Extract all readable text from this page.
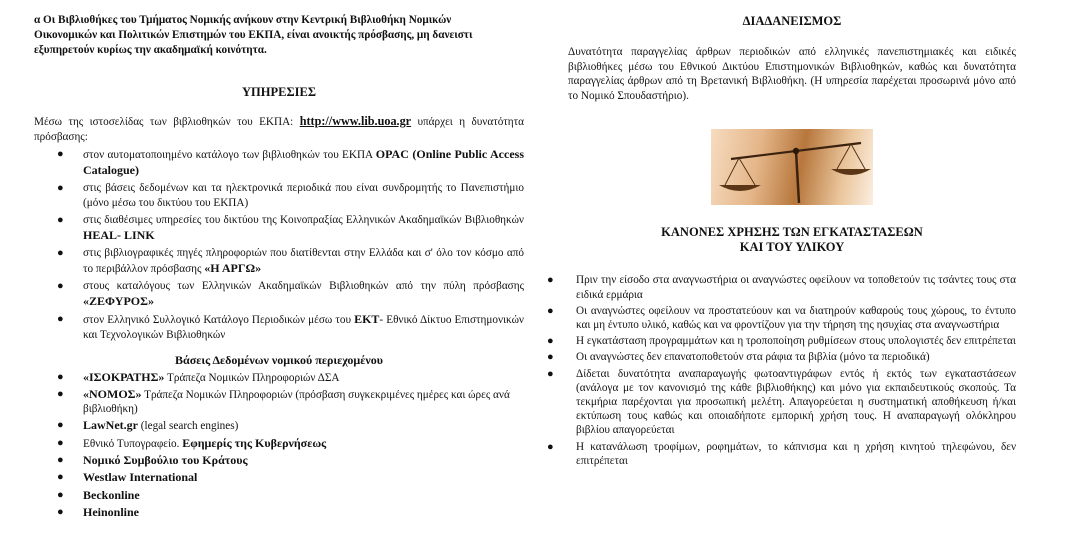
α Οι Βιβλιοθήκες του Τμήματος Νομικής ανήκουν στην Κεντρική Βιβλιοθήκη Νομικών
Οικονομικών και Πολιτικών Επιστημών του ΕΚΠΑ, είναι ανοικτής πρόσβασης, μη δανειστι
εξυπηρετούν κυρίως την ακαδημαϊκή κοινότητα.
ΥΠΗΡΕΣΙΕΣ

Μέσω της ιστοσελίδας των βιβλιοθηκών του ΕΚΠΑ: http://www.lib.uoa.gr υπάρχει η δυνατότητα πρόσβασης:

● στον αυτοματοποιημένο κατάλογο των βιβλιοθηκών του ΕΚΠΑ OPAC (Online Public Access Catalogue)
● στις βάσεις δεδομένων και τα ηλεκτρονικά περιοδικά που είναι συνδρομητής το Πανεπιστήμιο (μόνο μέσω του δικτύου του ΕΚΠΑ)
● στις διαθέσιμες υπηρεσίες του δικτύου της Κοινοπραξίας Ελληνικών Ακαδημαϊκών Βιβλιοθηκών HEAL- LINK
● στις βιβλιογραφικές πηγές πληροφοριών που διατίθενται στην Ελλάδα και σ' όλο τον κόσμο από το περιβάλλον πρόσβασης «Η ΑΡΓΩ»
● στους καταλόγους των Ελληνικών Ακαδημαϊκών Βιβλιοθηκών από την πύλη πρόσβασης «ΖΕΦΥΡΟΣ»
● στον Ελληνικό Συλλογικό Κατάλογο Περιοδικών μέσω του ΕΚΤ- Εθνικό Δίκτυο Επιστημονικών και Τεχνολογικών Βιβλιοθηκών
Βάσεις Δεδομένων νομικού περιεχομένου
● «ΙΣΟΚΡΑΤΗΣ» Τράπεζα Νομικών Πληροφοριών ΔΣΑ
● «ΝΟΜΟΣ» Τράπεζα Νομικών Πληροφοριών (πρόσβαση συγκεκριμένες ημέρες και ώρες ανά βιβλιοθήκη)
● LawNet.gr (legal search engines)
● Εθνικό Τυπογραφείο. Εφημερίς της Κυβερνήσεως
● Νομικό Συμβούλιο του Κράτους
● Westlaw International
● Beckonline
● Heinonline
ΔΙΑΔΑΝΕΙΣΜΟΣ

Δυνατότητα παραγγελίας άρθρων περιοδικών από ελληνικές πανεπιστημιακές και ειδικές βιβλιοθήκες μέσω του Εθνικού Δικτύου Επιστημονικών Βιβλιοθηκών, καθώς και δυνατότητα παραγγελίας άρθρων από τη Βρετανική Βιβλιοθήκη. (Η υπηρεσία παρέχεται προσωρινά μόνο από το Νομικό Σπουδαστήριο).

ΚΑΝΟΝΕΣ ΧΡΗΣΗΣ ΤΩΝ ΕΓΚΑΤΑΣΤΑΣΕΩΝ
ΚΑΙ ΤΟΥ ΥΛΙΚΟΥ
● Πριν την είσοδο στα αναγνωστήρια οι αναγνώστες οφείλουν να τοποθετούν τις τσάντες τους στα ειδικά ερμάρια
● Οι αναγνώστες οφείλουν να προστατεύουν και να διατηρούν καθαρούς τους χώρους, το έντυπο και μη έντυπο υλικό, καθώς και να φροντίζουν για την τήρηση της ησυχίας στα αναγνωστήρια
● Η εγκατάσταση προγραμμάτων και η τροποποίηση ρυθμίσεων στους υπολογιστές δεν επιτρέπεται
● Οι αναγνώστες δεν επανατοποθετούν στα ράφια τα βιβλία (μόνο τα περιοδικά)
● Δίδεται δυνατότητα αναπαραγωγής φωτοαντιγράφων εντός ή εκτός των εγκαταστάσεων (ανάλογα με τον κανονισμό της κάθε βιβλιοθήκης) και μόνο για εκπαιδευτικούς σκοπούς. Τα τεκμήρια παρέχονται για προσωπική μελέτη. Απαγορεύεται η συστηματική αποθήκευση ή/και εκτύπωση τους καθώς και οποιαδήποτε εμπορική χρήση τους. Η αναπαραγωγή ολόκληρου βιβλίου απαγορεύεται
● Η κατανάλωση τροφίμων, ροφημάτων, το κάπνισμα και η χρήση κινητού τηλεφώνου, δεν επιτρέπεται
